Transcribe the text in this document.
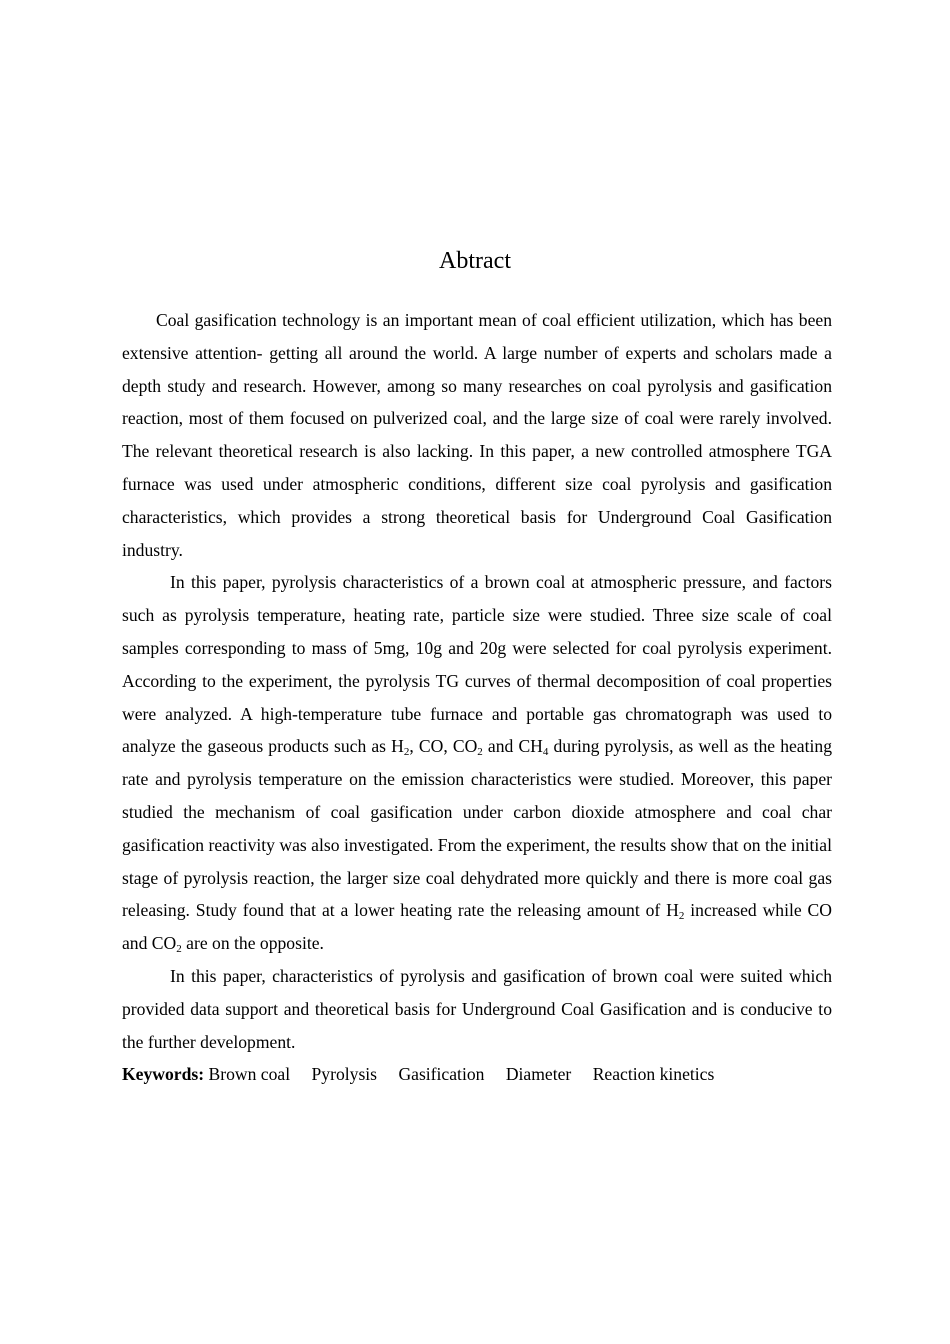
Abtract

Coal gasification technology is an important mean of coal efficient utilization, which has been extensive attention- getting all around the world. A large number of experts and scholars made a depth study and research. However, among so many researches on coal pyrolysis and gasification reaction, most of them focused on pulverized coal, and the large size of coal were rarely involved. The relevant theoretical research is also lacking. In this paper, a new controlled atmosphere TGA furnace was used under atmospheric conditions, different size coal pyrolysis and gasification characteristics, which provides a strong theoretical basis for Underground Coal Gasification industry.

In this paper, pyrolysis characteristics of a brown coal at atmospheric pressure, and factors such as pyrolysis temperature, heating rate, particle size were studied. Three size scale of coal samples corresponding to mass of 5mg, 10g and 20g were selected for coal pyrolysis experiment. According to the experiment, the pyrolysis TG curves of thermal decomposition of coal properties were analyzed. A high-temperature tube furnace and portable gas chromatograph was used to analyze the gaseous products such as $H_2$, CO, $CO_2$ and $CH_4$ during pyrolysis, as well as the heating rate and pyrolysis temperature on the emission characteristics were studied. Moreover, this paper studied the mechanism of coal gasification under carbon dioxide atmosphere and coal char gasification reactivity was also investigated. From the experiment, the results show that on the initial stage of pyrolysis reaction, the larger size coal dehydrated more quickly and there is more coal gas releasing. Study found that at a lower heating rate the releasing amount of $H_2$ increased while CO and $CO_2$ are on the opposite.

In this paper, characteristics of pyrolysis and gasification of brown coal were suited which provided data support and theoretical basis for Underground Coal Gasification and is conducive to the further development.

Keywords: Brown coal Pyrolysis Gasification Diameter Reaction kinetics
